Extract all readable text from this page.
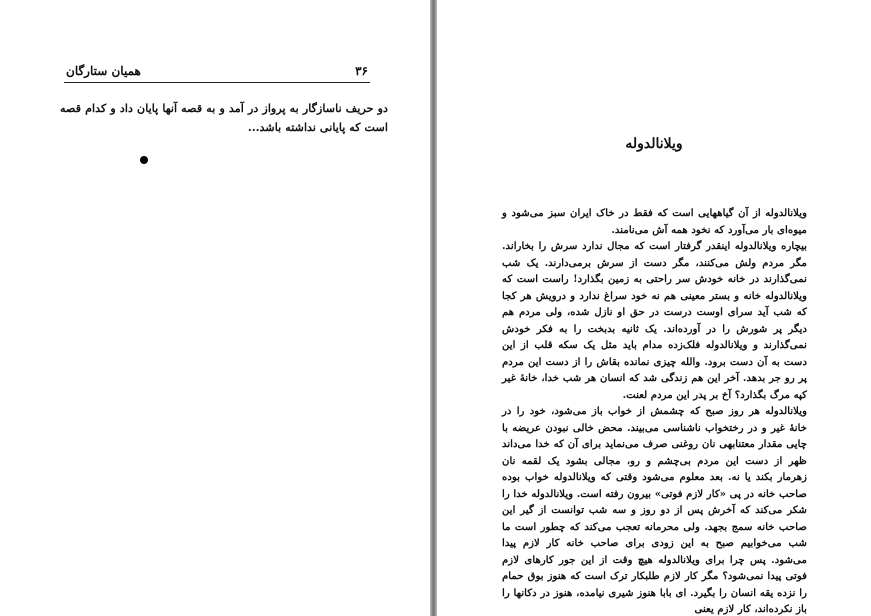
۳۶
همیان ستارگان
دو حریف ناسازگار به پرواز در آمد و به قصه آنها پایان داد و کدام قصه است که پایانی نداشته باشد...
ویلانالدوله

ویلانالدوله از آن گیاههایی است که فقط در خاک ایران سبز می‌شود و میوه‌ای بار می‌آورد که نخود همه آش می‌نامند.

بیچاره ویلانالدوله اینقدر گرفتار است که مجال ندارد سرش را بخاراند. مگر مردم ولش می‌کنند، مگر دست از سرش برمی‌دارند. یک شب نمی‌گذارند در خانه خودش سر راحتی به زمین بگذارد! راست است که ویلانالدوله خانه و بستر معینی هم نه خود سراغ ندارد و درویش هر کجا که شب آید سرای اوست درست در حق او نازل شده، ولی مردم هم دیگر پر شورش را در آورده‌اند. یک ثانیه بدبخت را به فکر خودش نمی‌گذارند و ویلانالدوله فلک‌زده مدام باید مثل یک سکه قلب از این دست به آن دست برود. والله چیزی نمانده بقاش را از دست این مردم پر رو جر بدهد. آخر این هم زندگی شد که انسان هر شب خدا، خانهٔ غیر کپه مرگ بگذارد؟ آخ بر پدر این مردم لعنت.

ویلانالدوله هر روز صبح که چشمش از خواب باز می‌شود، خود را در خانهٔ غیر و در رختخواب ناشناسی می‌بیند. محض خالی نبودن عریضه با چایی مقدار معتنابهی نان روغنی صرف می‌نماید برای آن که خدا می‌داند ظهر از دست این مردم بی‌چشم و رو، مجالی بشود یک لقمه نان زهرمار بکند یا نه. بعد معلوم می‌شود وقتی که ویلانالدوله خواب بوده صاحب خانه در پی «کار لازم فوتی» بیرون رفته است. ویلانالدوله خدا را شکر می‌کند که آخرش پس از دو روز و سه شب توانست از گیر این صاحب خانه سمج بجهد. ولی محرمانه تعجب می‌کند که چطور است ما شب می‌خوابیم صبح به این زودی برای صاحب خانه کار لازم پیدا می‌شود. پس چرا برای ویلانالدوله هیچ وقت از این جور کارهای لازم فوتی پیدا نمی‌شود؟ مگر کار لازم طلبکار ترک است که هنوز بوق حمام را نزده یقه انسان را بگیرد. ای بابا هنوز شیری نیامده، هنوز در دکانها را باز نکرده‌اند، کار لازم یعنی
